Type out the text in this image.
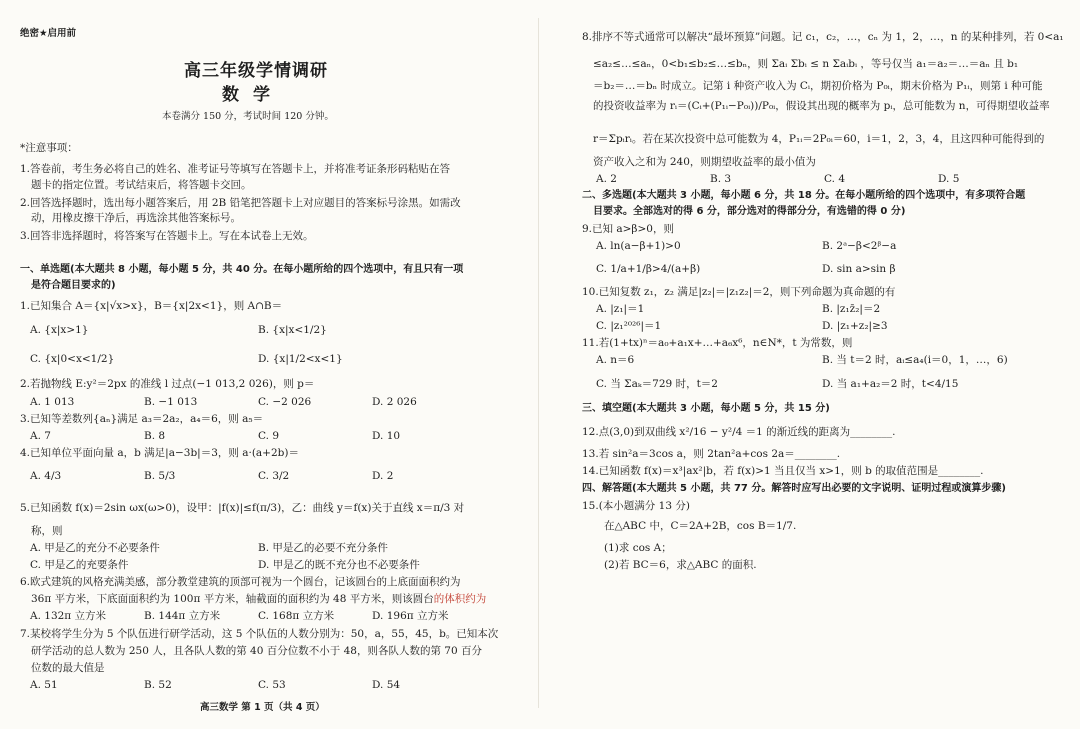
绝密★启用前
高三年级学情调研
数学
本卷满分 150 分，考试时间 120 分钟。
*注意事项：
1.答卷前，考生务必将自己的姓名、准考证号等填写在答题卡上，并将准考证条形码粘贴在答
题卡的指定位置。考试结束后，将答题卡交回。
2.回答选择题时，选出每小题答案后，用 2B 铅笔把答题卡上对应题目的答案标号涂黑。如需改
动，用橡皮擦干净后，再选涂其他答案标号。
3.回答非选择题时，将答案写在答题卡上。写在本试卷上无效。
一、单选题(本大题共 8 小题，每小题 5 分，共 40 分。在每小题所给的四个选项中，有且只有一项
是符合题目要求的)
1.已知集合 A＝{x|√x>x}，B＝{x|2x<1}，则 A∩B＝
A. {x|x>1}	B. {x|x<1/2}
C. {x|0<x<1/2}	D. {x|1/2<x<1}
2.若抛物线 E:y²＝2px 的准线 l 过点(−1 013,2 026)，则 p＝
A. 1 013	B. −1 013	C. −2 026	D. 2 026
3.已知等差数列{aₙ}满足 a₃＝2a₂，a₄＝6，则 a₅＝
A. 7	B. 8	C. 9	D. 10
4.已知单位平面向量 a，b 满足|a−3b|＝3，则 a·(a+2b)＝
A. 4/3	B. 5/3	C. 3/2	D. 2
5.已知函数 f(x)＝2sin ωx(ω>0)，设甲：|f(x)|≤f(π/3)，乙：曲线 y＝f(x)关于直线 x＝π/3 对
称，则
A. 甲是乙的充分不必要条件	B. 甲是乙的必要不充分条件
C. 甲是乙的充要条件	D. 甲是乙的既不充分也不必要条件
6.欧式建筑的风格充满美感，部分教堂建筑的顶部可视为一个圆台，记该圆台的上底面面积约为
36π 平方米，下底面面积约为 100π 平方米，轴截面的面积约为 48 平方米，则该圆台的体积约为
A. 132π 立方米	B. 144π 立方米	C. 168π 立方米	D. 196π 立方米
7.某校将学生分为 5 个队伍进行研学活动，这 5 个队伍的人数分别为：50，a，55，45，b。已知本次
研学活动的总人数为 250 人，且各队人数的第 40 百分位数不小于 48，则各队人数的第 70 百分
位数的最大值是
A. 51	B. 52	C. 53	D. 54
高三数学 第 1 页（共 4 页）
8.排序不等式通常可以解决“最坏预算”问题。记 c₁，c₂，…，cₙ 为 1，2，…，n 的某种排列，若 0<a₁
≤a₂≤…≤aₙ，0<b₁≤b₂≤…≤bₙ，则 Σaᵢ Σbᵢ ≤ n Σaᵢbᵢ ，等号仅当 a₁＝a₂＝…＝aₙ 且 b₁
＝b₂＝…＝bₙ 时成立。记第 i 种资产收入为 Cᵢ，期初价格为 P₀ᵢ，期末价格为 P₁ᵢ，则第 i 种可能
的投资收益率为 rᵢ＝(Cᵢ+(P₁ᵢ−P₀ᵢ))/P₀ᵢ，假设其出现的概率为 pᵢ，总可能数为 n，可得期望收益率
r＝Σpᵢrᵢ。若在某次投资中总可能数为 4，P₁ᵢ＝2P₀ᵢ＝60，i＝1，2，3，4，且这四种可能得到的
资产收入之和为 240，则期望收益率的最小值为
A. 2	B. 3	C. 4	D. 5
二、多选题(本大题共 3 小题，每小题 6 分，共 18 分。在每小题所给的四个选项中，有多项符合题
目要求。全部选对的得 6 分，部分选对的得部分分，有选错的得 0 分)
9.已知 a>β>0，则
A. ln(a−β+1)>0	B. 2ᵃ−β<2ᵝ−a
C. 1/a+1/β>4/(a+β)	D. sin a>sin β
10.已知复数 z₁，z₂ 满足|z₂|＝|z₁z₂|＝2，则下列命题为真命题的有
A. |z₁|＝1	B. |z₁z̄₂|＝2
C. |z₁²⁰²⁶|＝1	D. |z₁+z₂|≥3
11.若(1+tx)ⁿ＝a₀+a₁x+…+a₆x⁶，n∈N*，t 为常数，则
A. n＝6	B. 当 t＝2 时，aᵢ≤a₄(i＝0，1，…，6)
C. 当 Σaₖ＝729 时，t＝2	D. 当 a₁+a₂＝2 时，t<4/15
三、填空题(本大题共 3 小题，每小题 5 分，共 15 分)
12.点(3,0)到双曲线 x²/16 − y²/4 ＝1 的渐近线的距离为________.
13.若 sin²a＝3cos a，则 2tan²a+cos 2a＝________.
14.已知函数 f(x)＝x³|ax²|b，若 f(x)>1 当且仅当 x>1，则 b 的取值范围是________.
四、解答题(本大题共 5 小题，共 77 分。解答时应写出必要的文字说明、证明过程或演算步骤)
15.(本小题满分 13 分)
在△ABC 中，C＝2A+2B，cos B＝1/7.
(1)求 cos A；
(2)若 BC＝6，求△ABC 的面积.
